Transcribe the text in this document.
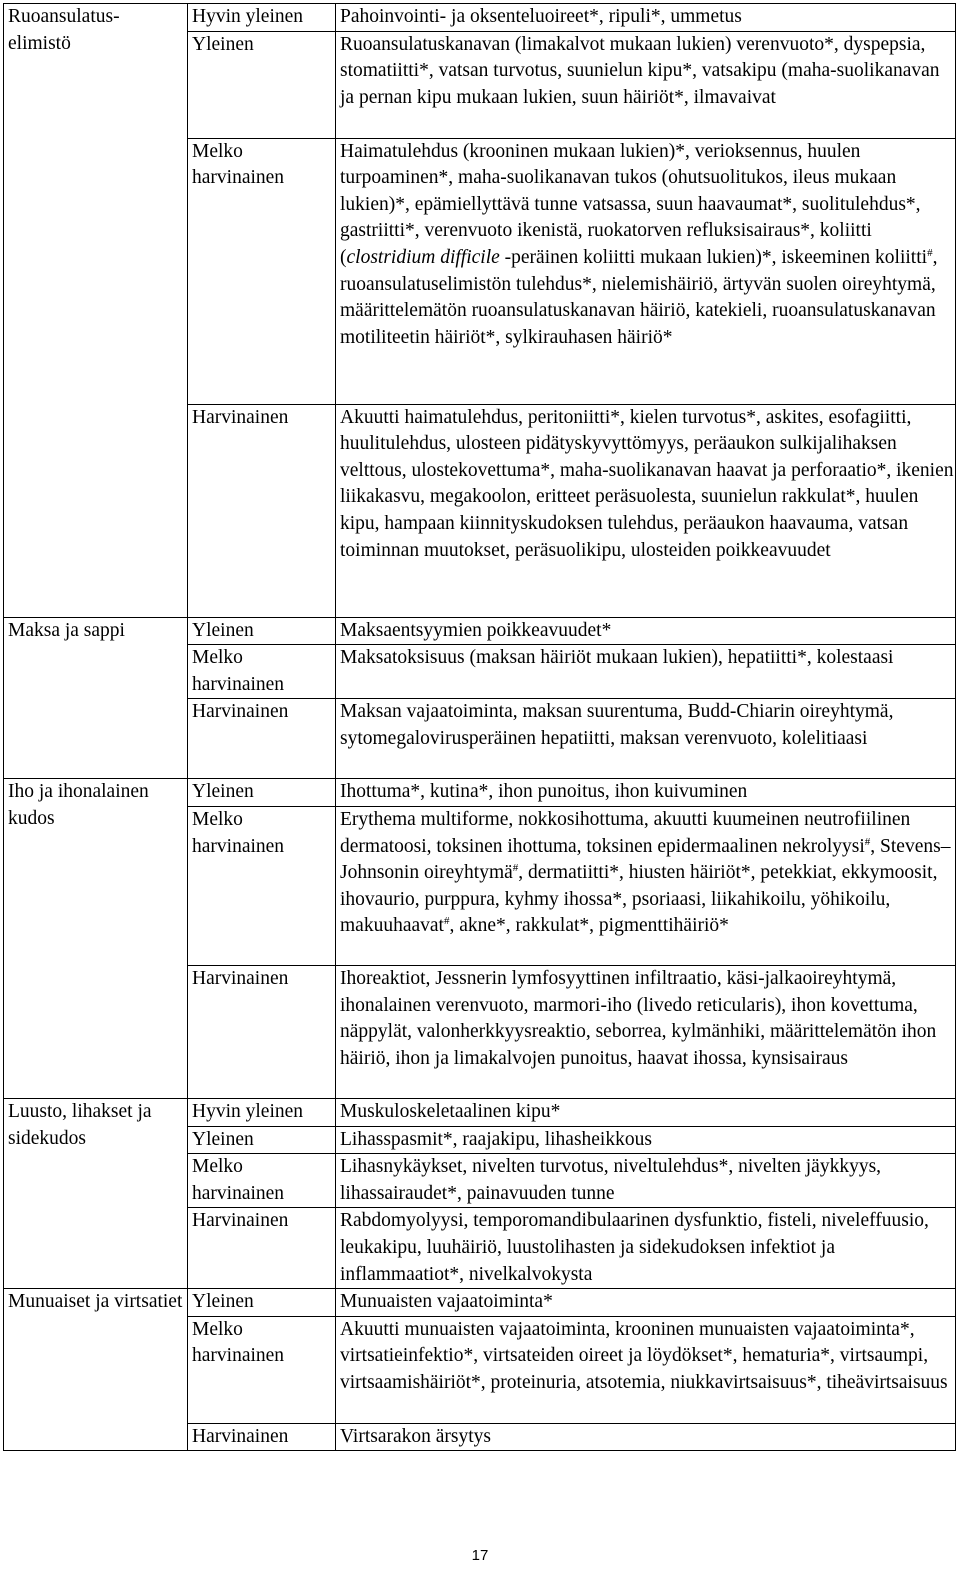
Ruoansulatus-
elimistö	Hyvin yleinen	Pahoinvointi- ja oksenteluoireet*, ripuli*, ummetus
	Yleinen	Ruoansulatuskanavan (limakalvot mukaan lukien) verenvuoto*, dyspepsia, stomatiitti*, vatsan turvotus, suunielun kipu*, vatsakipu (maha-suolikanavan ja pernan kipu mukaan lukien, suun häiriöt*, ilmavaivat
	Melko harvinainen	Haimatulehdus (krooninen mukaan lukien)*, verioksennus, huulen turpoaminen*, maha-suolikanavan tukos (ohutsuolitukos, ileus mukaan lukien)*, epämiellyttävä tunne vatsassa, suun haavaumat*, suolitulehdus*, gastriitti*, verenvuoto ikenistä, ruokatorven refluksisairaus*, koliitti (clostridium difficile -peräinen koliitti mukaan lukien)*, iskeeminen koliitti#, ruoansulatuselimistön tulehdus*, nielemishäiriö, ärtyvän suolen oireyhtymä, määrittelemätön ruoansulatuskanavan häiriö, katekieli, ruoansulatuskanavan motiliteetin häiriöt*, sylkirauhasen häiriö*
	Harvinainen	Akuutti haimatulehdus, peritoniitti*, kielen turvotus*, askites, esofagiitti, huulitulehdus, ulosteen pidätyskyvyttömyys, peräaukon sulkijalihaksen velttous, ulostekovettuma*, maha-suolikanavan haavat ja perforaatio*, ikenien liikakasvu, megakoolon, eritteet peräsuolesta, suunielun rakkulat*, huulen kipu, hampaan kiinnityskudoksen tulehdus, peräaukon haavauma, vatsan toiminnan muutokset, peräsuolikipu, ulosteiden poikkeavuudet
Maksa ja sappi	Yleinen	Maksaentsyymien poikkeavuudet*
	Melko harvinainen	Maksatoksisuus (maksan häiriöt mukaan lukien), hepatiitti*, kolestaasi
	Harvinainen	Maksan vajaatoiminta, maksan suurentuma, Budd-Chiarin oireyhtymä, sytomegalovirusperäinen hepatiitti, maksan verenvuoto, kolelitiaasi
Iho ja ihonalainen kudos	Yleinen	Ihottuma*, kutina*, ihon punoitus, ihon kuivuminen
	Melko harvinainen	Erythema multiforme, nokkosihottuma, akuutti kuumeinen neutrofiilinen dermatoosi, toksinen ihottuma, toksinen epidermaalinen nekrolyysi#, Stevens–Johnsonin oireyhtymä#, dermatiitti*, hiusten häiriöt*, petekkiat, ekkymoosit, ihovaurio, purppura, kyhmy ihossa*, psoriaasi, liikahikoilu, yöhikoilu, makuuhaavat#, akne*, rakkulat*, pigmenttihäiriö*
	Harvinainen	Ihoreaktiot, Jessnerin lymfosyyttinen infiltraatio, käsi-jalkaoireyhtymä, ihonalainen verenvuoto, marmori-iho (livedo reticularis), ihon kovettuma, näppylät, valonherkkyysreaktio, seborrea, kylmänhiki, määrittelemätön ihon häiriö, ihon ja limakalvojen punoitus, haavat ihossa, kynsisairaus
Luusto, lihakset ja sidekudos	Hyvin yleinen	Muskuloskeletaalinen kipu*
	Yleinen	Lihasspasmit*, raajakipu, lihasheikkous
	Melko harvinainen	Lihasnykäykset, nivelten turvotus, niveltulehdus*, nivelten jäykkyys, lihassairaudet*, painavuuden tunne
	Harvinainen	Rabdomyolyysi, temporomandibulaarinen dysfunktio, fisteli, niveleffuusio, leukakipu, luuhäiriö, luustolihasten ja sidekudoksen infektiot ja inflammaatiot*, nivelkalvokysta
Munuaiset ja virtsatiet	Yleinen	Munuaisten vajaatoiminta*
	Melko harvinainen	Akuutti munuaisten vajaatoiminta, krooninen munuaisten vajaatoiminta*, virtsatieinfektio*, virtsateiden oireet ja löydökset*, hematuria*, virtsaumpi, virtsaamishäiriöt*, proteinuria, atsotemia, niukkavirtsaisuus*, tiheävirtsaisuus
	Harvinainen	Virtsarakon ärsytys
17
